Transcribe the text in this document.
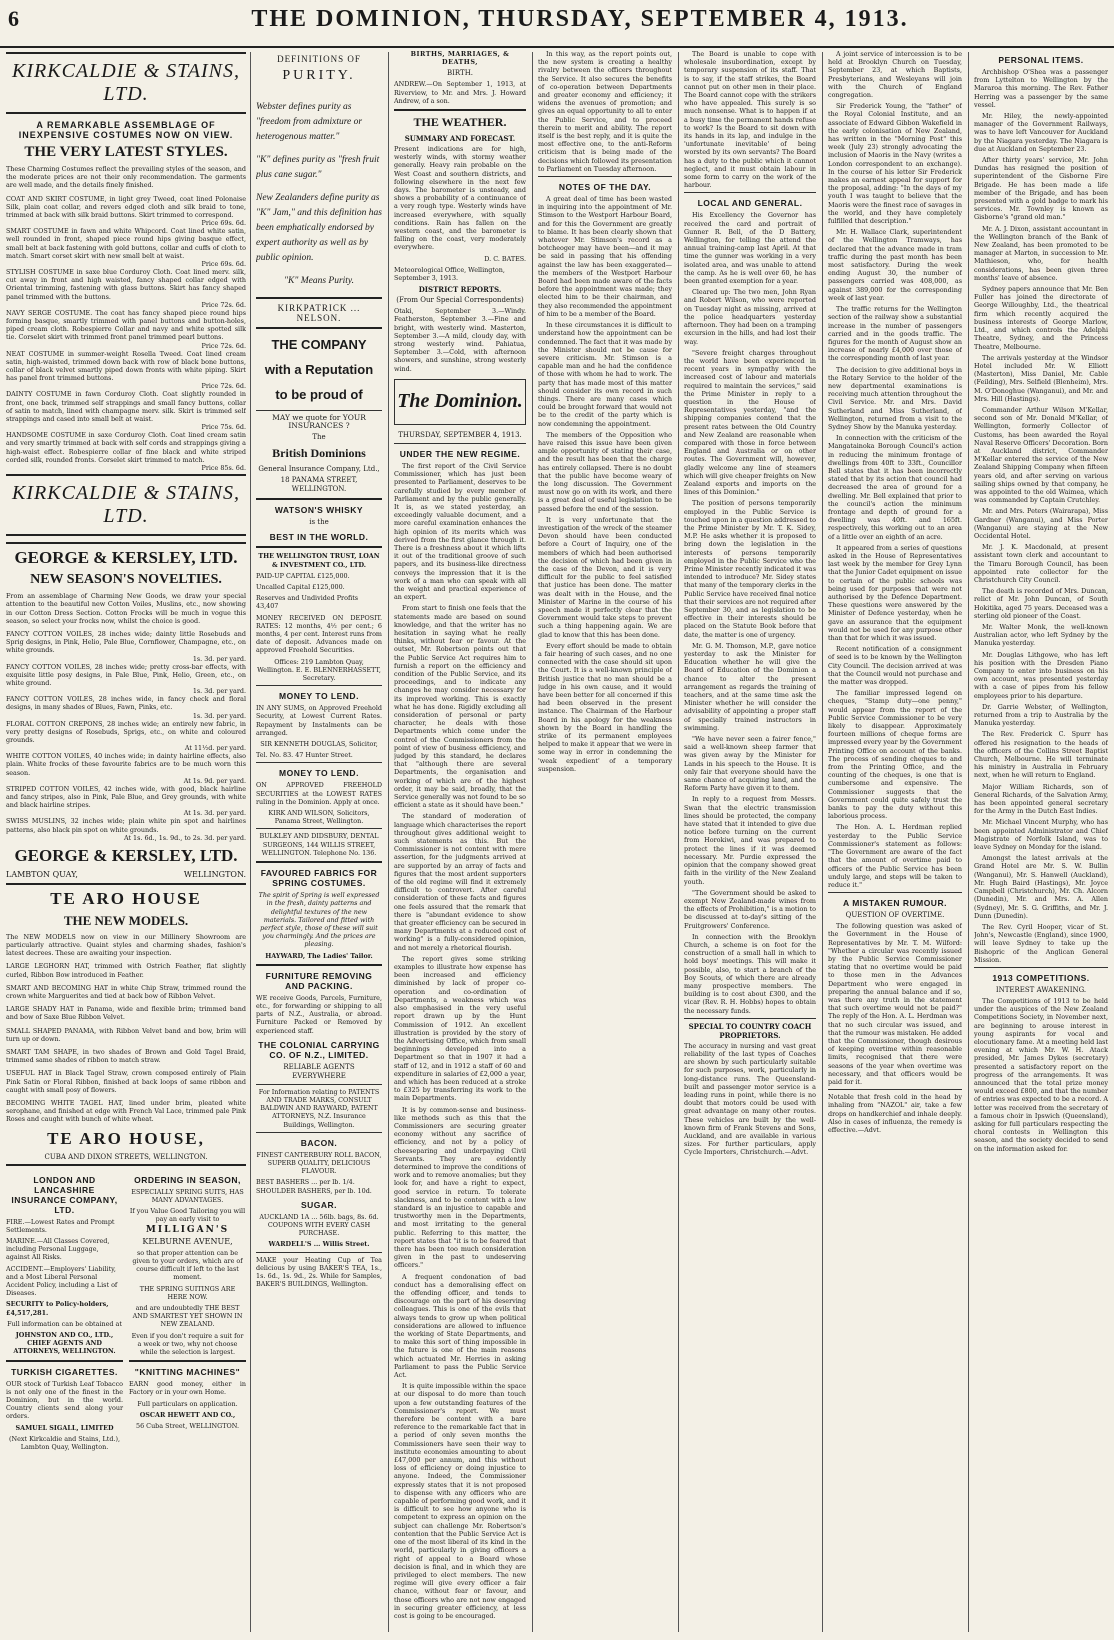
6	THE DOMINION, THURSDAY, SEPTEMBER 4, 1913.
KIRKCALDIE & STAINS, LTD.
A REMARKABLE ASSEMBLAGE OF INEXPENSIVE COSTUMES NOW ON VIEW.
THE VERY LATEST STYLES.
These Charming Costumes reflect the prevailing styles of the season, and the moderate prices are not their only recommendation. The garments are well made, and the details finely finished.
COAT AND SKIRT COSTUME, in light grey Tweed, coat lined Polonaise Silk, plain coat collar, and revers edged cloth and silk braid to tone, trimmed at back with silk braid buttons. Skirt trimmed to correspond.
Price 69s. 6d.
SMART COSTUME in fawn and white Whipcord. Coat lined white satin, well rounded in front, shaped piece round hips giving basque effect, small belt at back fastening with gold buttons, collar and cuffs of cloth to match. Smart corset skirt with new small belt at waist.
Price 69s. 6d.
STYLISH COSTUME in saxe blue Corduroy Cloth. Coat lined merv. silk, cut away in front and high waisted, fancy shaped collar edged with Oriental trimming, fastening with glass buttons. Skirt has fancy shaped panel trimmed with the buttons.
Price 72s. 6d.
NAVY SERGE COSTUME. The coat has fancy shaped piece round hips forming basque, smartly trimmed with panel buttons and button-holes, piped cream cloth. Robespierre Collar and navy and white spotted silk tie. Corselet skirt with trimmed front panel trimmed pearl buttons.
Price 72s. 6d.
NEAT COSTUME in summer-weight Rosella Tweed. Coat lined cream satin, high-waisted, trimmed down back with row of black bone buttons, collar of black velvet smartly piped down fronts with white piping. Skirt has panel front trimmed buttons.
Price 72s. 6d.
DAINTY COSTUME in fawn Corduroy Cloth. Coat slightly rounded in front, one back, trimmed self strappings and small fancy buttons, collar of satin to match, lined with champagne merv. silk. Skirt is trimmed self strappings and cased into small belt at waist.
Price 75s. 6d.
HANDSOME COSTUME in saxe Corduroy Cloth. Coat lined cream satin and very smartly trimmed at back with self cords and strappings giving a high-waist effect. Robespierre collar of fine black and white striped corded silk, rounded fronts. Corselet skirt trimmed to match.
Price 85s. 6d.
KIRKCALDIE & STAINS, LTD.
GEORGE & KERSLEY, LTD.
NEW SEASON'S NOVELTIES.
From an assemblage of Charming New Goods, we draw your special attention to the beautiful new Cotton Voiles, Muslins, etc., now showing in our Cotton Dress Section. Cotton Frocks will be much in vogue this season, so select your frocks now, whilst the choice is good.
FANCY COTTON VOILES, 28 inches wide; dainty little Rosebuds and Sprig designs, in Pink, Helio, Pale Blue, Cornflower, Champagne, etc., on white grounds.
1s. 3d. per yard.
FANCY COTTON VOILES, 28 inches wide; pretty cross-bar effects, with exquisite little posy designs, in Pale Blue, Pink, Helio, Green, etc., on white ground.
1s. 3d. per yard.
FANCY COTTON VOILES, 28 inches wide, in fancy check and floral designs, in many shades of Blues, Fawn, Pinks, etc.
1s. 3d. per yard.
FLORAL COTTON CREPONS, 28 inches wide; an entirely new fabric, in very pretty designs of Rosebuds, Sprigs, etc., on white and coloured grounds.
At 11½d. per yard.
WHITE COTTON VOILES, 40 inches wide; in dainty hairline effects, also plain. White frocks of these favourite fabrics are to be much worn this season.
At 1s. 9d. per yard.
STRIPED COTTON VOILES, 42 inches wide, with good, black hairline and fancy stripes, also in Pink, Pale Blue, and Grey grounds, with white and black hairline stripes.
At 1s. 3d. per yard.
SWISS MUSLINS, 32 inches wide; plain white pin spot and hairlines patterns, also black pin spot on white grounds.
At 1s. 6d., 1s. 9d., to 2s. 3d. per yard.
GEORGE & KERSLEY, LTD.
LAMBTON QUAY,	WELLINGTON.
TE ARO HOUSE
THE NEW MODELS.
The NEW MODELS now on view in our Millinery Showroom are particularly attractive. Quaint styles and charming shades, fashion's latest decrees. These are awaiting your inspection.
LARGE LEGHORN HAT, trimmed with Ostrich Feather, flat slightly curled, Ribbon Bow introduced in Feather.
SMART AND BECOMING HAT in white Chip Straw, trimmed round the crown white Marguerites and tied at back bow of Ribbon Velvet.
LARGE SHADY HAT in Panama, wide and flexible brim; trimmed band and bow of Saxe Blue Ribbon Velvet.
SMALL SHAPED PANAMA, with Ribbon Velvet band and bow, brim will turn up or down.
SMART TAM SHAPE, in two shades of Brown and Gold Tagel Braid, trimmed same shades of ribbon to match straw.
USEFUL HAT in Black Tagel Straw, crown composed entirely of Plain Pink Satin or Floral Ribbon, finished at back loops of same ribbon and caught with small posy of flowers.
BECOMING WHITE TAGEL HAT, lined under brim, pleated white serophane, and finished at edge with French Val Lace, trimmed pale Pink Roses and caught with bunch of white wheat.
TE ARO HOUSE,
CUBA AND DIXON STREETS, WELLINGTON.
LONDON AND LANCASHIRE INSURANCE COMPANY, LTD.
FIRE.—Lowest Rates and Prompt Settlements.
MARINE.—All Classes Covered, including Personal Luggage, against All Risks.
ACCIDENT.—Employers' Liability, and a Most Liberal Personal Accident Policy, including a List of Diseases.
SECURITY to Policy-holders, £4,517,281.
Full information can be obtained at
JOHNSTON AND CO., LTD., CHIEF AGENTS AND ATTORNEYS, WELLINGTON.
TURKISH CIGARETTES.
OUR stock of Turkish Leaf Tobacco is not only one of the finest in the Dominion, but in the world. Country clients send along your orders.
SAMUEL SIGALL, LIMITED
(Next Kirkcaldie and Stains, Ltd.), Lambton Quay, Wellington.
ORDERING IN SEASON,
ESPECIALLY SPRING SUITS, HAS MANY ADVANTAGES.
If you Value Good Tailoring you will pay an early visit to
MILLIGAN'S
KELBURNE AVENUE,
so that proper attention can be given to your orders, which are of course difficult if left to the last moment.
THE SPRING SUITINGS ARE HERE NOW.
and are undoubtedly THE BEST AND SMARTEST YET SHOWN IN NEW ZEALAND.
Even if you don't require a suit for a week or two, why not choose while the selection is largest.
"KNITTING MACHINES"
EARN good money, either in Factory or in your own Home.
Full particulars on application.
OSCAR HEWETT AND CO.,
56 Cuba Street, WELLINGTON.
DEFINITIONS OF
PURITY.
Webster defines purity as "freedom from admixture or heterogenous matter."
"K" defines purity as "fresh fruit plus cane sugar."
New Zealanders define purity as "K" Jam," and this definition has been emphatically endorsed by expert authority as well as by public opinion.
"K" Means Purity.
KIRKPATRICK ... NELSON.
THE COMPANY
with a Reputation
to be proud of
MAY we quote for YOUR INSURANCES ?
The
British Dominions
General Insurance Company, Ltd.,
18 PANAMA STREET, WELLINGTON.
WATSON'S WHISKY
is the
BEST IN THE WORLD.
THE WELLINGTON TRUST, LOAN & INVESTMENT CO., LTD.
PAID-UP CAPITAL £125,000.
Uncalled Capital £125,000.
Reserves and Undivided Profits 43,407
MONEY RECEIVED ON DEPOSIT. RATES: 12 months, 4½ per cent.; 6 months, 4 per cent. Interest runs from date of deposit. Advances made on approved Freehold Securities.
Offices: 219 Lambton Quay, Wellington. E. E. BLENNERHASSETT, Secretary.
MONEY TO LEND.
IN ANY SUMS, on Approved Freehold Security, at Lowest Current Rates. Repayment by Instalments can be arranged.
SIR KENNETH DOUGLAS, Solicitor,
Tel. No. 83. 47 Hunter Street.
MONEY TO LEND.
ON APPROVED FREEHOLD SECURITIES at the LOWEST RATES ruling in the Dominion. Apply at once.
KIRK AND WILSON, Solicitors, Panama Street, Wellington.
BULKLEY AND DIDSBURY, DENTAL SURGEONS, 144 WILLIS STREET, WELLINGTON. Telephone No. 136.
FAVOURED FABRICS FOR SPRING COSTUMES.
The spirit of Spring is well expressed in the fresh, dainty patterns and delightful textures of the new materials. Tailored and fitted with perfect style, those of these will suit you charmingly. And the prices are pleasing.
HAYWARD, The Ladies' Tailor.
FURNITURE REMOVING AND PACKING.
WE receive Goods, Parcels, Furniture, etc., for forwarding or shipping to all parts of N.Z., Australia, or abroad. Furniture Packed or Removed by experienced staff.
THE COLONIAL CARRYING CO. OF N.Z., LIMITED.
RELIABLE AGENTS EVERYWHERE
For Information relating to PATENTS AND TRADE MARKS, CONSULT BALDWIN AND RAYWARD, PATENT ATTORNEYS, N.Z. Insurance Buildings, Wellington.
BACON.
FINEST CANTERBURY ROLL BACON, SUPERB QUALITY, DELICIOUS FLAVOUR.
BEST BASHERS ... per lb. 1/4. SHOULDER BASHERS, per lb. 10d.
SUGAR.
AUCKLAND 1A ... 56lb. bags, 8s. 6d. COUPONS WITH EVERY CASH PURCHASE.
WARDELL'S ... Willis Street.
MAKE your Heating Cup of Tea delicious by using BAKER'S TEA, 1s., 1s. 6d., 1s. 9d., 2s. While for Samples, BAKER'S BUILDINGS, Wellington.
BIRTHS, MARRIAGES, & DEATHS,
BIRTH.
ANDREW.—On September 1, 1913, at Riverview, to Mr. and Mrs. J. Howard Andrew, of a son.
THE WEATHER.
SUMMARY AND FORECAST.
Present indications are for high, westerly winds, with stormy weather generally. Heavy rain probable on the West Coast and southern districts, and following elsewhere in the next few days. The barometer is unsteady, and shows a probability of a continuance of a very rough type. Westerly winds have increased everywhere, with squally conditions. Rain has fallen on the western coast, and the barometer is falling on the coast, very moderately everywhere.
D. C. BATES.
Meteorological Office, Wellington, September 3, 1913.
DISTRICT REPORTS.
(From Our Special Correspondents)
Otaki, September 3.—Windy. Featherston, September 3.—Fine and bright, with westerly wind. Masterton, September 3.—A mild, cloudy day, with strong westerly wind. Pahiatua, September 3.—Cold, with afternoon showers, and sunshine, strong westerly wind.
The Dominion.
THURSDAY, SEPTEMBER 4, 1913.
UNDER THE NEW REGIME.

The first report of the Civil Service Commissioner, which has just been presented to Parliament, deserves to be carefully studied by every member of Parliament and by the public generally. It is, as we stated yesterday, an exceedingly valuable document, and a more careful examination enhances the high opinion of its merits which was derived from the first glance through it. There is a freshness about it which lifts it out of the traditional groove of such papers, and its business-like directness conveys the impression that it is the work of a man who can speak with all the weight and practical experience of an expert.

From start to finish one feels that the statements made are based on sound knowledge, and that the writer has no hesitation in saying what he really thinks, without fear or favour. At the outset, Mr. Robertson points out that the Public Service Act requires him to furnish a report on the efficiency and condition of the Public Service, and its proceedings, and to indicate any changes he may consider necessary for its improved working. This is exactly what he has done. Rigidly excluding all consideration of personal or party character, he deals with those Departments which come under the control of the Commissioners from the point of view of business efficiency, and judged by this standard, he declares that "although there are several Departments, the organisation and working of which are of the highest order, it may be said, broadly, that the Service generally was not found to be so efficient a state as it should have been."

The standard of moderation of language which characterises the report throughout gives additional weight to such statements as this. But the Commissioner is not content with mere assertion, for the judgments arrived at are supported by an array of facts and figures that the most ardent supporters of the old regime will find it extremely difficult to controvert. After careful consideration of these facts and figures one feels assured that the remark that there is "abundant evidence to show that greater efficiency can be secured in many Departments at a reduced cost of working" is a fully-considered opinion, and not merely a rhetorical flourish.

The report gives some striking examples to illustrate how expense has been increased and efficiency diminished by lack of proper co-operation and co-ordination of Departments, a weakness which was also emphasised in the very useful report drawn up by the Hunt Commission of 1912. An excellent illustration is provided by the story of the Advertising Office, which from small beginnings developed into a Department so that in 1907 it had a staff of 12, and in 1912 a staff of 60 and expenditure in salaries of £2,000 a year, and which has been reduced at a stroke to £325 by transferring its work to the main Departments.

It is by common-sense and business-like methods such as this that the Commissioners are securing greater economy without any sacrifice of efficiency, and not by a policy of cheeseparing and underpaying Civil Servants. They are evidently determined to improve the conditions of work and to remove anomalies; but they look for, and have a right to expect, good service in return. To tolerate slackness, and to be content with a low standard is an injustice to capable and trustworthy men in the Departments, and most irritating to the general public. Referring to this matter, the report states that "it is to be feared that there has been too much consideration given in the past to undeserving officers."

A frequent condonation of bad conduct has a demoralising effect on the offending officer, and tends to discourage on the part of his deserving colleagues. This is one of the evils that always tends to grow up when political considerations are allowed to influence the working of State Departments, and to make this sort of thing impossible in the future is one of the main reasons which actuated Mr. Herries in asking Parliament to pass the Public Service Act.

It is quite impossible within the space at our disposal to do more than touch upon a few outstanding features of the Commissioner's report. We must therefore be content with a bare reference to the remarkable fact that in a period of only seven months the Commissioners have seen their way to institute economies amounting to about £47,000 per annum, and this without loss of efficiency or doing injustice to anyone. Indeed, the Commissioner expressly states that it is not proposed to dispense with any officers who are capable of performing good work, and it is difficult to see how anyone who is competent to express an opinion on the subject can challenge Mr. Robertson's contention that the Public Service Act is one of the most liberal of its kind in the world, particularly in giving officers a right of appeal to a Board whose decision is final, and in which they are privileged to elect members. The new regime will give every officer a fair chance, without fear or favour, and those officers who are not now engaged in securing greater efficiency, at less cost is going to be encouraged.

In this way, as the report points out, the new system is creating a healthy rivalry between the officers throughout the Service. It also secures the benefits of co-operation between Departments and greater economy and efficiency; it widens the avenues of promotion; and gives an equal opportunity to all to enter the Public Service, and to proceed therein to merit and ability. The report itself is the best reply, and it is quite the most effective one, to the anti-Reform criticism that is being made of the decisions which followed its presentation to Parliament on Tuesday afternoon.

NOTES OF THE DAY.

A great deal of time has been wasted in inquiring into the appointment of Mr. Stimson to the Westport Harbour Board, and for this the Government are greatly to blame. It has been clearly shown that whatever Mr. Stimson's record as a botcheoger may have been—and it may be said in passing that his offending against the law has been exaggerated—the members of the Westport Harbour Board had been made aware of the facts before the appointment was made; they elected him to be their chairman, and they also recommended the appointment of him to be a member of the Board.

In these circumstances it is difficult to understand how the appointment can be condemned. The fact that it was made by the Minister should not be cause for severe criticism. Mr. Stimson is a capable man and he had the confidence of those with whom he had to work. The party that has made most of this matter should consider its own record in such things. There are many cases which could be brought forward that would not be to the credit of the party which is now condemning the appointment.

The members of the Opposition who have raised this issue have been given ample opportunity of stating their case, and the result has been that the charge has entirely collapsed. There is no doubt that the public have become weary of the long discussion. The Government must now go on with its work, and there is a great deal of useful legislation to be passed before the end of the session.

It is very unfortunate that the investigation of the wreck of the steamer Devon should have been conducted before a Court of Inquiry, one of the members of which had been authorised the decision of which had been given in the case of the Devon, and it is very difficult for the public to feel satisfied that justice has been done. The matter was dealt with in the House, and the Minister of Marine in the course of his speech made it perfectly clear that the Government would take steps to prevent such a thing happening again. We are glad to know that this has been done.

Every effort should be made to obtain a fair hearing of such cases, and no one connected with the case should sit upon the Court. It is a well-known principle of British justice that no man should be a judge in his own cause, and it would have been better for all concerned if this had been observed in the present instance. The Chairman of the Harbour Board in his apology for the weakness shown by the Board in handling the strike of its permanent employees helped to make it appear that we were in some way in error in condemning the 'weak expedient' of a temporary suspension.

The Board is unable to cope with wholesale insubordination, except by temporary suspension of its staff. That is to say, if the staff strikes, the Board cannot put on other men in their place. The Board cannot cope with the strikers who have appealed. This surely is so much nonsense. What is to happen if at a busy time the permanent hands refuse to work? Is the Board to sit down with its hands in its lap, and indulge in the 'unfortunate inevitable' of being worsted by its own servants? The Board has a duty to the public which it cannot neglect, and it must obtain labour in some form to carry on the work of the harbour.

LOCAL AND GENERAL.

His Excellency the Governor has received the card and portrait of Gunner R. Bell, of the D Battery, Wellington, for telling the attend the annual training-camp last April. At that time the gunner was working in a very isolated area, and was unable to attend the camp. As he is well over 60, he has been granted exemption for a year.

Cleared up: The two men, John Ryan and Robert Wilson, who were reported on Tuesday night as missing, arrived at the police headquarters yesterday afternoon. They had been on a tramping excursion in the hills, and had lost their way.

"Severe freight charges throughout the world have been experienced in recent years in sympathy with the increased cost of labour and materials required to maintain the services," said the Prime Minister in reply to a question in the House of Representatives yesterday, "and the shipping companies contend that the present rates between the Old Country and New Zealand are reasonable when compared with those in force between England and Australia or on other routes. The Government will, however, gladly welcome any line of steamers which will give cheaper freights on New Zealand exports and imports on the lines of this Dominion."

The position of persons temporarily employed in the Public Service is touched upon in a question addressed to the Prime Minister by Mr. T. K. Sidey, M.P. He asks whether it is proposed to bring down the legislation in the interests of persons temporarily employed in the Public Service who the Prime Minister recently indicated it was intended to introduce? Mr. Sidey states that many of the temporary clerks in the Public Service have received final notice that their services are not required after September 30, and as legislation to be effective in their interests should be placed on the Statute Book before that date, the matter is one of urgency.

Mr. G. M. Thomson, M.P., gave notice yesterday to ask the Minister for Education whether he will give the Board of Education of the Dominion a chance to alter the present arrangement as regards the training of teachers, and at the same time ask the Minister whether he will consider the advisability of appointing a proper staff of specially trained instructors in swimming.

"We have never seen a fairer fence," said a well-known sheep farmer that was given away by the Minister for Lands in his speech to the House. It is only fair that everyone should have the same chance of acquiring land, and the Reform Party have given it to them.

In reply to a request from Messrs. Swan that the electric transmission lines should be protected, the company have stated that it intended to give due notice before turning on the current from Horokiwi, and was prepared to protect the lines if it was deemed necessary. Mr. Purdie expressed the opinion that the company showed great faith in the virility of the New Zealand youth.

"The Government should be asked to exempt New Zealand-made wines from the effects of Prohibition," is a motion to be discussed at to-day's sitting of the Fruitgrowers' Conference.

In connection with the Brooklyn Church, a scheme is on foot for the construction of a small hall in which to hold boys' meetings. This will make it possible, also, to start a branch of the Boy Scouts, of which there are already many prospective members. The building is to cost about £300, and the vicar (Rev. R. H. Hobbs) hopes to obtain the necessary funds.

SPECIAL TO COUNTRY COACH PROPRIETORS.
The accuracy in nursing and vast great reliability of the last types of Coaches are shown by such particularly suitable for such purposes, work, particularly in long-distance runs. The Queensland-built and passenger motor service is a leading runs in point, while there is no doubt that motors could be used with great advantage on many other routes. These vehicles are built by the well-known firm of Frank Stevens and Sons, Auckland, and are available in various sizes. For further particulars, apply Cycle Importers, Christchurch.—Advt.

A joint service of intercession is to be held at Brooklyn Church on Tuesday, September 23, at which Baptists, Presbyterians, and Wesleyans will join with the Church of England congregation.

Sir Frederick Young, the "father" of the Royal Colonial Institute, and an associate of Edward Gibbon Wakefield in the early colonisation of New Zealand, has written in the "Morning Post" this week (July 23) strongly advocating the inclusion of Maoris in the Navy (writes a London correspondent to an exchange). In the course of his letter Sir Frederick makes an earnest appeal for support for the proposal, adding: "In the days of my youth I was taught to believe that the Maoris were the finest race of savages in the world, and they have completely fulfilled that description."

Mr. H. Wallace Clark, superintendent of the Wellington Tramways, has declared that the advance made in tram traffic during the past month has been most satisfactory. During the week ending August 30, the number of passengers carried was 408,000, as against 389,000 for the corresponding week of last year.

The traffic returns for the Wellington section of the railway show a substantial increase in the number of passengers carried and in the goods traffic. The figures for the month of August show an increase of nearly £4,000 over those of the corresponding month of last year.

The decision to give additional boys in the Rotary Service to the holder of the new departmental examinations is receiving much attention throughout the Civil Service. Mr. and Mrs. David Sutherland and Miss Sutherland, of Wellington, returned from a visit to the Sydney Show by the Manuka yesterday.

In connection with the criticism of the Mangatainoka Borough Council's action in reducing the minimum frontage of dwellings from 40ft to 33ft., Councillor Bell states that it has been incorrectly stated that by its action that council had decreased the area of ground for a dwelling. Mr. Bell explained that prior to the council's action the minimum frontage and depth of ground for a dwelling was 40ft. and 165ft. respectively, this working out to an area of a little over an eighth of an acre.

It appeared from a series of questions asked in the House of Representatives last week by the member for Grey Lynn that the Junior Cadet equipment on issue to certain of the public schools was being used for purposes that were not authorised by the Defence Department. These questions were answered by the Minister of Defence yesterday, when he gave an assurance that the equipment would not be used for any purpose other than that for which it was issued.

Recent notification of a consignment of seed is to be known by the Wellington City Council. The decision arrived at was that the Council would not purchase and the matter was dropped.

The familiar impressed legend on cheques, "Stamp duty—one penny," would appear from the report of the Public Service Commissioner to be very likely to disappear. Approximately fourteen millions of cheque forms are impressed every year by the Government Printing Office on account of the banks. The process of sending cheques to and from the Printing Office, and the counting of the cheques, is one that is cumbersome and expensive. The Commissioner suggests that the Government could quite safely trust the banks to pay the duty without this laborious process.

The Hon. A. L. Herdman replied yesterday to the Public Service Commissioner's statement as follows: "The Government are aware of the fact that the amount of overtime paid to officers of the Public Service has been unduly large, and steps will be taken to reduce it."

A MISTAKEN RUMOUR.
QUESTION OF OVERTIME.

The following question was asked of the Government in the House of Representatives by Mr. T. M. Wilford: "Whether a circular was recently issued by the Public Service Commissioner stating that no overtime would be paid to those men in the Advances Department who were engaged in preparing the annual balance and if so, was there any truth in the statement that such overtime would not be paid?" The reply of the Hon. A. L. Herdman was that no such circular was issued, and that the rumour was mistaken. He added that the Commissioner, though desirous of keeping overtime within reasonable limits, recognised that there were seasons of the year when overtime was necessary, and that officers would be paid for it.

Notable that fresh cold in the head by inhaling from "NAZOL" air, take a few drops on handkerchief and inhale deeply. Also in cases of influenza, the remedy is effective.—Advt.
PERSONAL ITEMS.

Archbishop O'Shea was a passenger from Lyttelton to Wellington by the Mararoa this morning. The Rev. Father Herring was a passenger by the same vessel.

Mr. Hiley, the newly-appointed manager of the Government Railways, was to have left Vancouver for Auckland by the Niagara yesterday. The Niagara is due at Auckland on September 23.

After thirty years' service, Mr. John Dundas has resigned the position of superintendent of the Gisborne Fire Brigade. He has been made a life member of the Brigade, and has been presented with a gold badge to mark his services. Mr. Townley is known as Gisborne's "grand old man."

Mr. A. J. Dixon, assistant accountant in the Wellington branch of the Bank of New Zealand, has been promoted to be manager at Marton, in succession to Mr. Mathieson, who, for health considerations, has been given three months' leave of absence.

Sydney papers announce that Mr. Ben Fuller has joined the directorate of George Willoughby, Ltd., the theatrical firm which recently acquired the business interests of George Marlow, Ltd., and which controls the Adelphi Theatre, Sydney, and the Princess Theatre, Melbourne.

The arrivals yesterday at the Windsor Hotel included Mr. W. Elliott (Masterton), Miss Daniel, Mr. Cable (Feilding), Mrs. Selfield (Blenheim), Mrs. M. O'Donoghue (Wanganui), and Mr. and Mrs. Hill (Hastings).

Commander Arthur Wilson M'Kellar, second son of Mr. Donald M'Kellar, of Wellington, formerly Collector of Customs, has been awarded the Royal Naval Reserve Officers' Decoration. Born at Auckland district, Commander M'Kellar entered the service of the New Zealand Shipping Company when fifteen years old, and after serving on various sailing ships owned by that company, he was appointed to the old Waimea, which was commanded by Captain Crutchley.

Mr. and Mrs. Peters (Wairarapa), Miss Gardner (Wanganui), and Miss Porter (Wanganui) are staying at the New Occidental Hotel.

Mr. J. K. Macdonald, at present assistant town clerk and accountant to the Timaru Borough Council, has been appointed rate collector for the Christchurch City Council.

The death is recorded of Mrs. Duncan, relict of Mr. John Duncan, of South Hokitika, aged 75 years. Deceased was a sterling old pioneer of the Coast.

Mr. Walter Monk, the well-known Australian actor, who left Sydney by the Manuka yesterday.

Mr. Douglas Lithgowe, who has left his position with the Dresden Piano Company to enter into business on his own account, was presented yesterday with a case of pipes from his fellow employees prior to his departure.

Dr. Garrie Webster, of Wellington, returned from a trip to Australia by the Manuka yesterday.

The Rev. Frederick C. Spurr has offered his resignation to the heads of the officers of the Collins Street Baptist Church, Melbourne. He will terminate his ministry in Australia in February next, when he will return to England.

Major William Richards, son of General Richards, of the Salvation Army, has been appointed general secretary for the Army in the Dutch East Indies.

Mr. Michael Vincent Murphy, who has been appointed Administrator and Chief Magistrate of Norfolk Island, was to leave Sydney on Monday for the island.

Amongst the latest arrivals at the Grand Hotel are Mr. S. W. Bullin (Wanganui), Mr. S. Hanwell (Auckland), Mr. Hugh Baird (Hastings), Mr. Joyce Campbell (Christchurch), Mr. Ch. Alcorn (Dunedin), Mr. and Mrs. A. Allen (Sydney), Mr. S. G. Griffiths, and Mr. J. Dunn (Dunedin).

The Rev. Cyril Hooper, vicar of St. John's, Newcastle (England), since 1900, will leave Sydney to take up the Bishopric of the Anglican General Mission.

1913 COMPETITIONS.
INTEREST AWAKENING.

The Competitions of 1913 to be held under the auspices of the New Zealand Competitions Society, in November next, are beginning to arouse interest in young aspirants for vocal and elocutionary fame. At a meeting held last evening at which Mr. W. H. Atack presided, Mr. James Dykes (secretary) presented a satisfactory report on the progress of the arrangements. It was announced that the total prize money would exceed £800, and that the number of entries was expected to be a record. A letter was received from the secretary of a famous choir in Ipswich (Queensland), asking for full particulars respecting the choral contests in Wellington this season, and the society decided to send on the information asked for.
